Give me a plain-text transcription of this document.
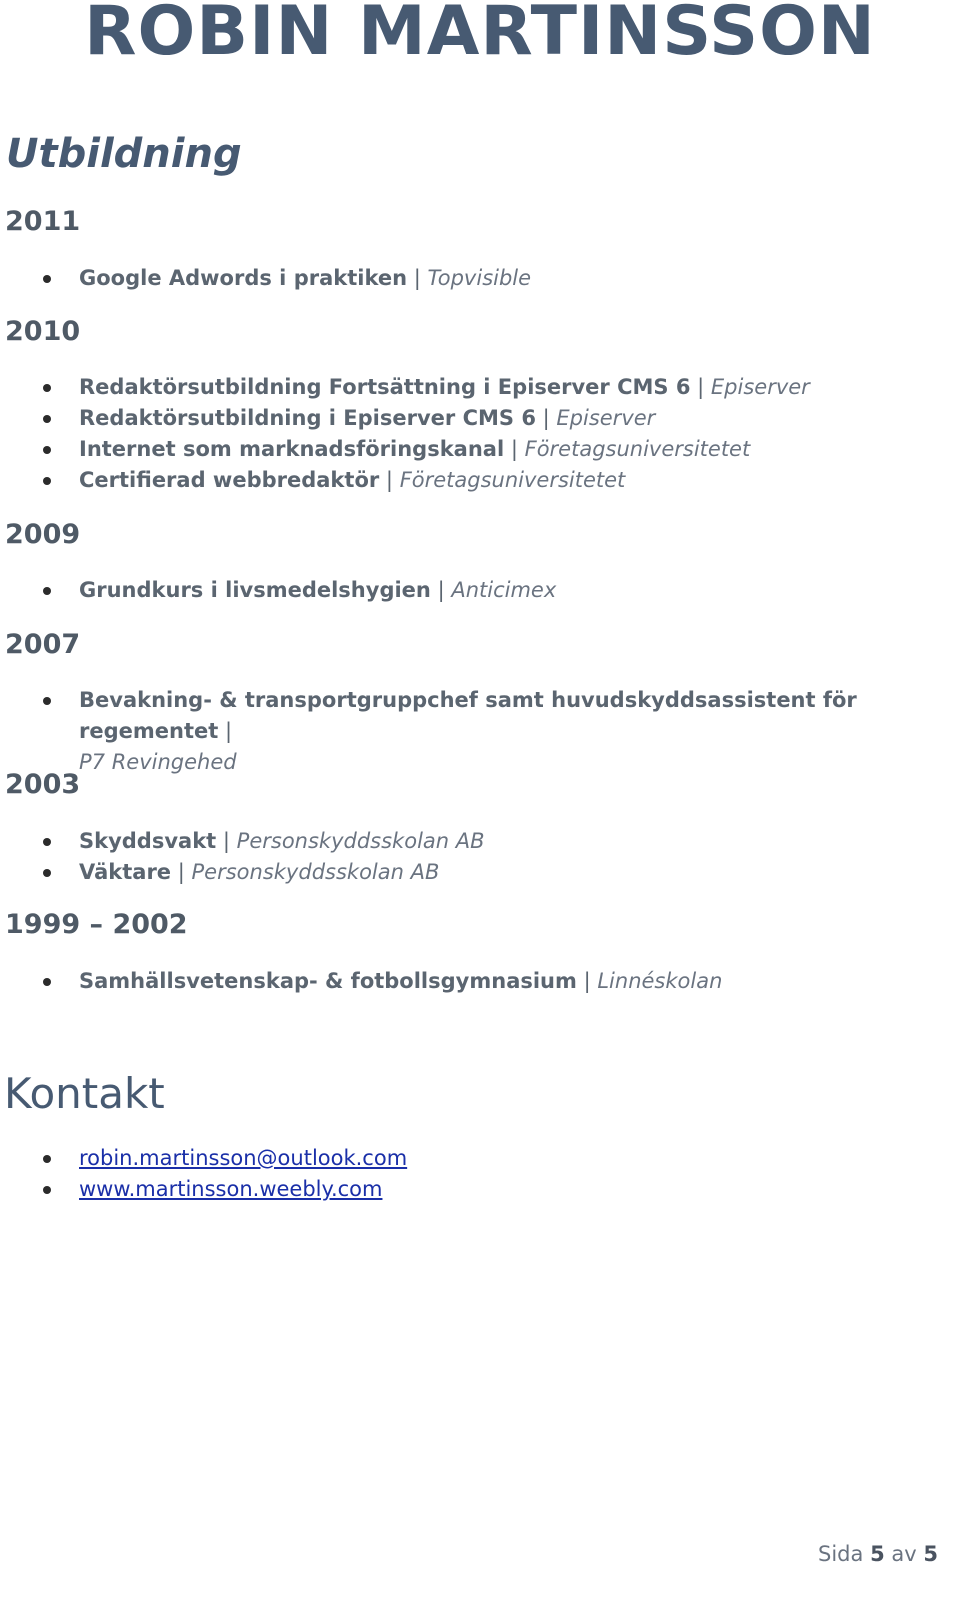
ROBIN MARTINSSON
Utbildning
2011
Google Adwords i praktiken | Topvisible
2010
Redaktörsutbildning Fortsättning i Episerver CMS 6 | Episerver
Redaktörsutbildning i Episerver CMS 6 | Episerver
Internet som marknadsföringskanal | Företagsuniversitetet
Certifierad webbredaktör | Företagsuniversitetet
2009
Grundkurs i livsmedelshygien | Anticimex
2007
Bevakning- & transportgruppchef samt huvudskyddsassistent för regementet |
P7 Revingehed
2003
Skyddsvakt | Personskyddsskolan AB
Väktare | Personskyddsskolan AB
1999 – 2002
Samhällsvetenskap- & fotbollsgymnasium | Linnéskolan
Kontakt
robin.martinsson@outlook.com
www.martinsson.weebly.com
Sida 5 av 5
